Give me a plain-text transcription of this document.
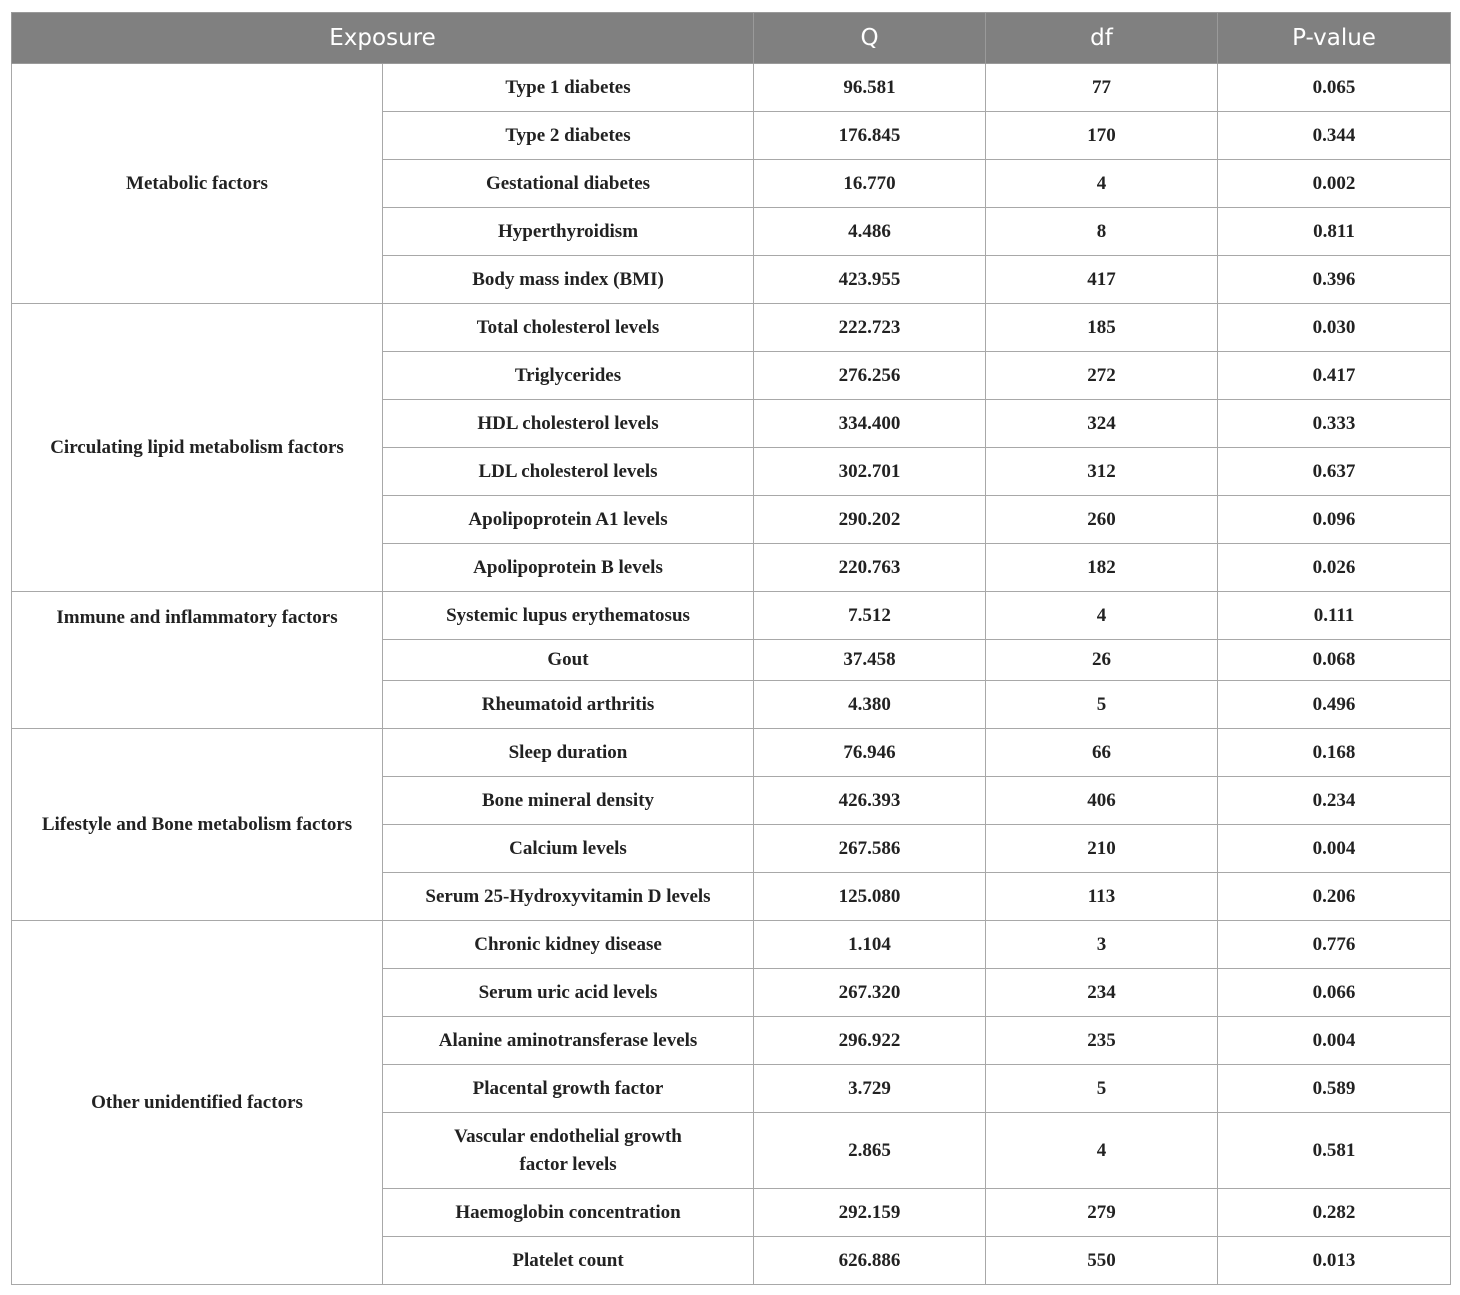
Exposure		Q	df	P-value
Metabolic factors	Type 1 diabetes	96.581	77	0.065
	Type 2 diabetes	176.845	170	0.344
	Gestational diabetes	16.770	4	0.002
	Hyperthyroidism	4.486	8	0.811
	Body mass index (BMI)	423.955	417	0.396
Circulating lipid metabolism factors	Total cholesterol levels	222.723	185	0.030
	Triglycerides	276.256	272	0.417
	HDL cholesterol levels	334.400	324	0.333
	LDL cholesterol levels	302.701	312	0.637
	Apolipoprotein A1 levels	290.202	260	0.096
	Apolipoprotein B levels	220.763	182	0.026
Immune and inflammatory factors	Systemic lupus erythematosus	7.512	4	0.111
	Gout	37.458	26	0.068
	Rheumatoid arthritis	4.380	5	0.496
Lifestyle and Bone metabolism factors	Sleep duration	76.946	66	0.168
	Bone mineral density	426.393	406	0.234
	Calcium levels	267.586	210	0.004
	Serum 25-Hydroxyvitamin D levels	125.080	113	0.206
Other unidentified factors	Chronic kidney disease	1.104	3	0.776
	Serum uric acid levels	267.320	234	0.066
	Alanine aminotransferase levels	296.922	235	0.004
	Placental growth factor	3.729	5	0.589
	Vascular endothelial growth factor levels	2.865	4	0.581
	Haemoglobin concentration	292.159	279	0.282
	Platelet count	626.886	550	0.013
